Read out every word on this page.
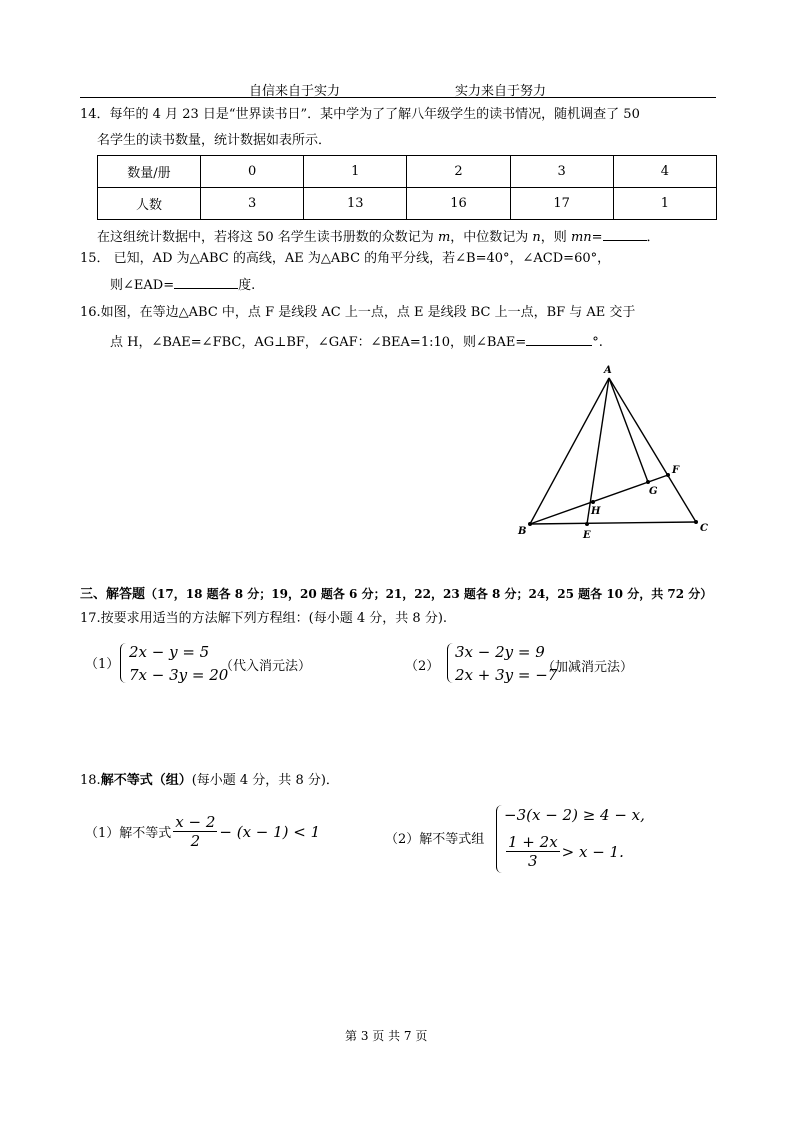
自信来自于实力	实力来自于努力
14．每年的 4 月 23 日是“世界读书日”．某中学为了了解八年级学生的读书情况，随机调查了 50
名学生的读书数量，统计数据如表所示．
数量/册	0	1	2	3	4
人数	3	13	16	17	1
在这组统计数据中，若将这 50 名学生读书册数的众数记为 m，中位数记为 n，则 mn=	．
15． 已知，AD 为△ABC 的高线，AE 为△ABC 的角平分线，若∠B=40°，∠ACD=60°，
则∠EAD=	度.
16.如图，在等边△ABC 中，点 F 是线段 AC 上一点，点 E 是线段 BC 上一点，BF 与 AE 交于
点 H，∠BAE=∠FBC，AG⊥BF，∠GAF：∠BEA=1:10，则∠BAE=	°.
A
B	C
E
F
G
H
三、解答题（17，18 题各 8 分；19，20 题各 6 分；21，22，23 题各 8 分；24，25 题各 10 分，共 72 分）
17.按要求用适当的方法解下列方程组：(每小题 4 分，共 8 分).
（1）
2x − y = 5
7x − 3y = 20
（代入消元法）	（2）
3x − 2y = 9
2x + 3y = −7
（加减消元法）
18.解不等式（组）(每小题 4 分，共 8 分)．
（1）解不等式 $\frac{x - 2}{2} - (x - 1) < 1$	（2）解不等式组
−3(x − 2) ≥ 4 − x,
$\frac{1 + 2x}{3} > x - 1$.
第 3 页 共 7 页
